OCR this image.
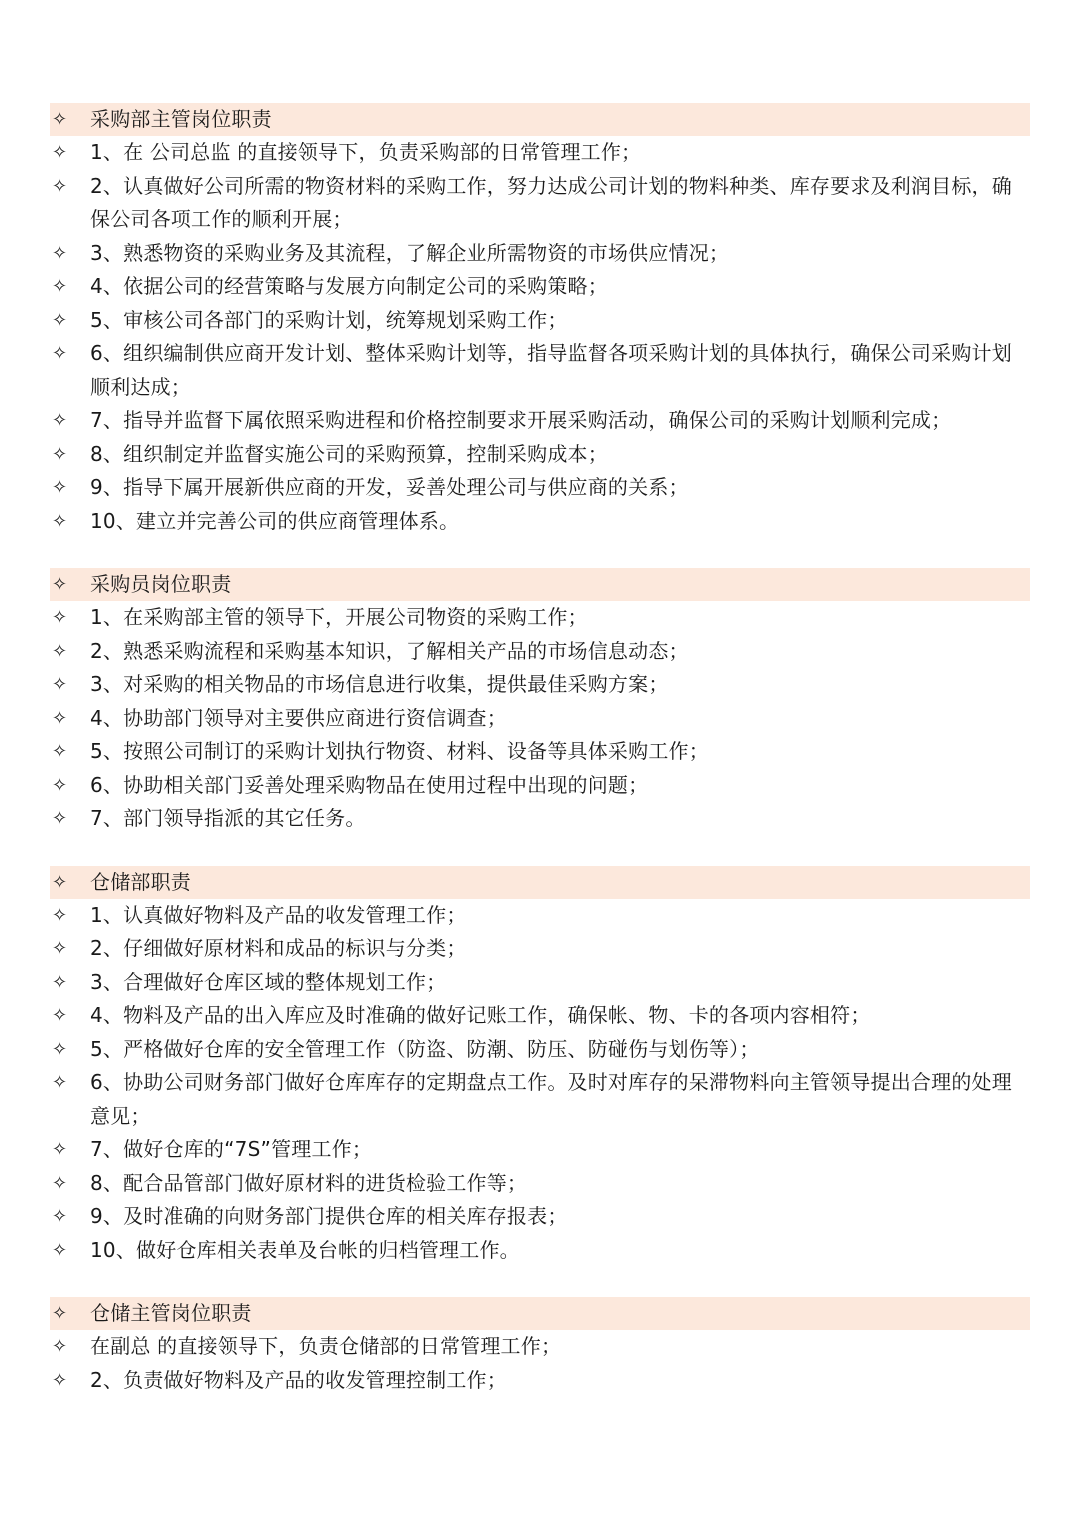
✧	采购部主管岗位职责
✧	1、在 公司总监 的直接领导下，负责采购部的日常管理工作；
✧	2、认真做好公司所需的物资材料的采购工作，努力达成公司计划的物料种类、库存要求及利润目标，确保公司各项工作的顺利开展；
✧	3、熟悉物资的采购业务及其流程，了解企业所需物资的市场供应情况；
✧	4、依据公司的经营策略与发展方向制定公司的采购策略；
✧	5、审核公司各部门的采购计划，统筹规划采购工作；
✧	6、组织编制供应商开发计划、整体采购计划等，指导监督各项采购计划的具体执行，确保公司采购计划顺利达成；
✧	7、指导并监督下属依照采购进程和价格控制要求开展采购活动，确保公司的采购计划顺利完成；
✧	8、组织制定并监督实施公司的采购预算，控制采购成本；
✧	9、指导下属开展新供应商的开发，妥善处理公司与供应商的关系；
✧	10、建立并完善公司的供应商管理体系。
✧	采购员岗位职责
✧	1、在采购部主管的领导下，开展公司物资的采购工作；
✧	2、熟悉采购流程和采购基本知识，了解相关产品的市场信息动态；
✧	3、对采购的相关物品的市场信息进行收集，提供最佳采购方案；
✧	4、协助部门领导对主要供应商进行资信调查；
✧	5、按照公司制订的采购计划执行物资、材料、设备等具体采购工作；
✧	6、协助相关部门妥善处理采购物品在使用过程中出现的问题；
✧	7、部门领导指派的其它任务。
✧	仓储部职责
✧	1、认真做好物料及产品的收发管理工作；
✧	2、仔细做好原材料和成品的标识与分类；
✧	3、合理做好仓库区域的整体规划工作；
✧	4、物料及产品的出入库应及时准确的做好记账工作，确保帐、物、卡的各项内容相符；
✧	5、严格做好仓库的安全管理工作（防盗、防潮、防压、防碰伤与划伤等）；
✧	6、协助公司财务部门做好仓库库存的定期盘点工作。及时对库存的呆滞物料向主管领导提出合理的处理意见；
✧	7、做好仓库的“7S”管理工作；
✧	8、配合品管部门做好原材料的进货检验工作等；
✧	9、及时准确的向财务部门提供仓库的相关库存报表；
✧	10、做好仓库相关表单及台帐的归档管理工作。
✧	仓储主管岗位职责
✧	在副总 的直接领导下，负责仓储部的日常管理工作；
✧	2、负责做好物料及产品的收发管理控制工作；
